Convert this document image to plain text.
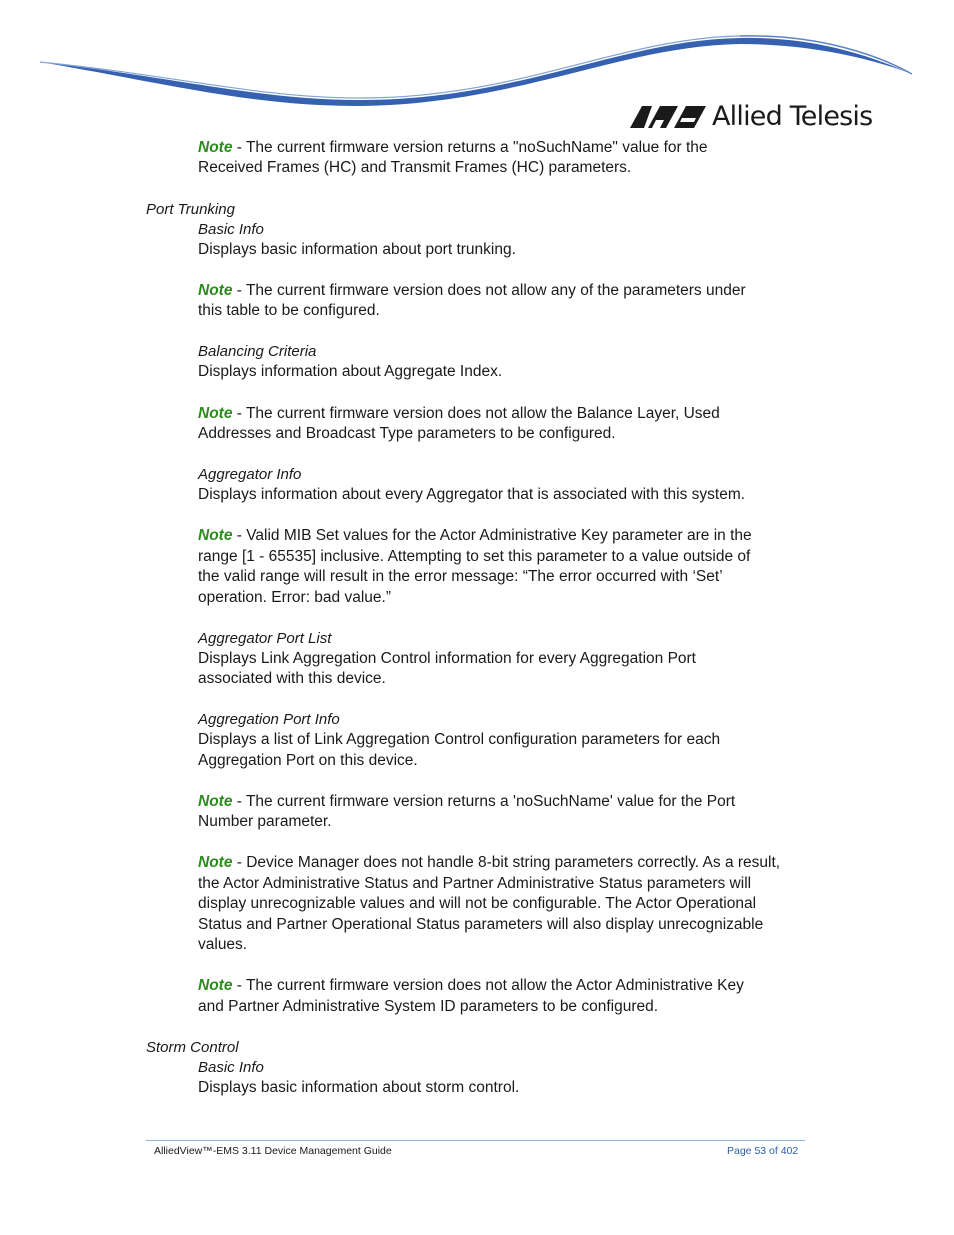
Allied Telesis

Note - The current firmware version returns a "noSuchName" value for the

Received Frames (HC) and Transmit Frames (HC) parameters.

Port Trunking

Basic Info

Displays basic information about port trunking.

Note - The current firmware version does not allow any of the parameters under

this table to be configured.

Balancing Criteria

Displays information about Aggregate Index.

Note - The current firmware version does not allow the Balance Layer, Used

Addresses and Broadcast Type parameters to be configured.

Aggregator Info

Displays information about every Aggregator that is associated with this system.

Note - Valid MIB Set values for the Actor Administrative Key parameter are in the

range [1 - 65535] inclusive. Attempting to set this parameter to a value outside of

the valid range will result in the error message: “The error occurred with ‘Set’

operation. Error: bad value.”

Aggregator Port List

Displays Link Aggregation Control information for every Aggregation Port

associated with this device.

Aggregation Port Info

Displays a list of Link Aggregation Control configuration parameters for each

Aggregation Port on this device.

Note - The current firmware version returns a 'noSuchName' value for the Port

Number parameter.

Note - Device Manager does not handle 8-bit string parameters correctly. As a result,

the Actor Administrative Status and Partner Administrative Status parameters will

display unrecognizable values and will not be configurable. The Actor Operational

Status and Partner Operational Status parameters will also display unrecognizable

values.

Note - The current firmware version does not allow the Actor Administrative Key

and Partner Administrative System ID parameters to be configured.

Storm Control

Basic Info

Displays basic information about storm control.

AlliedView™-EMS 3.11 Device Management Guide	Page 53 of 402
